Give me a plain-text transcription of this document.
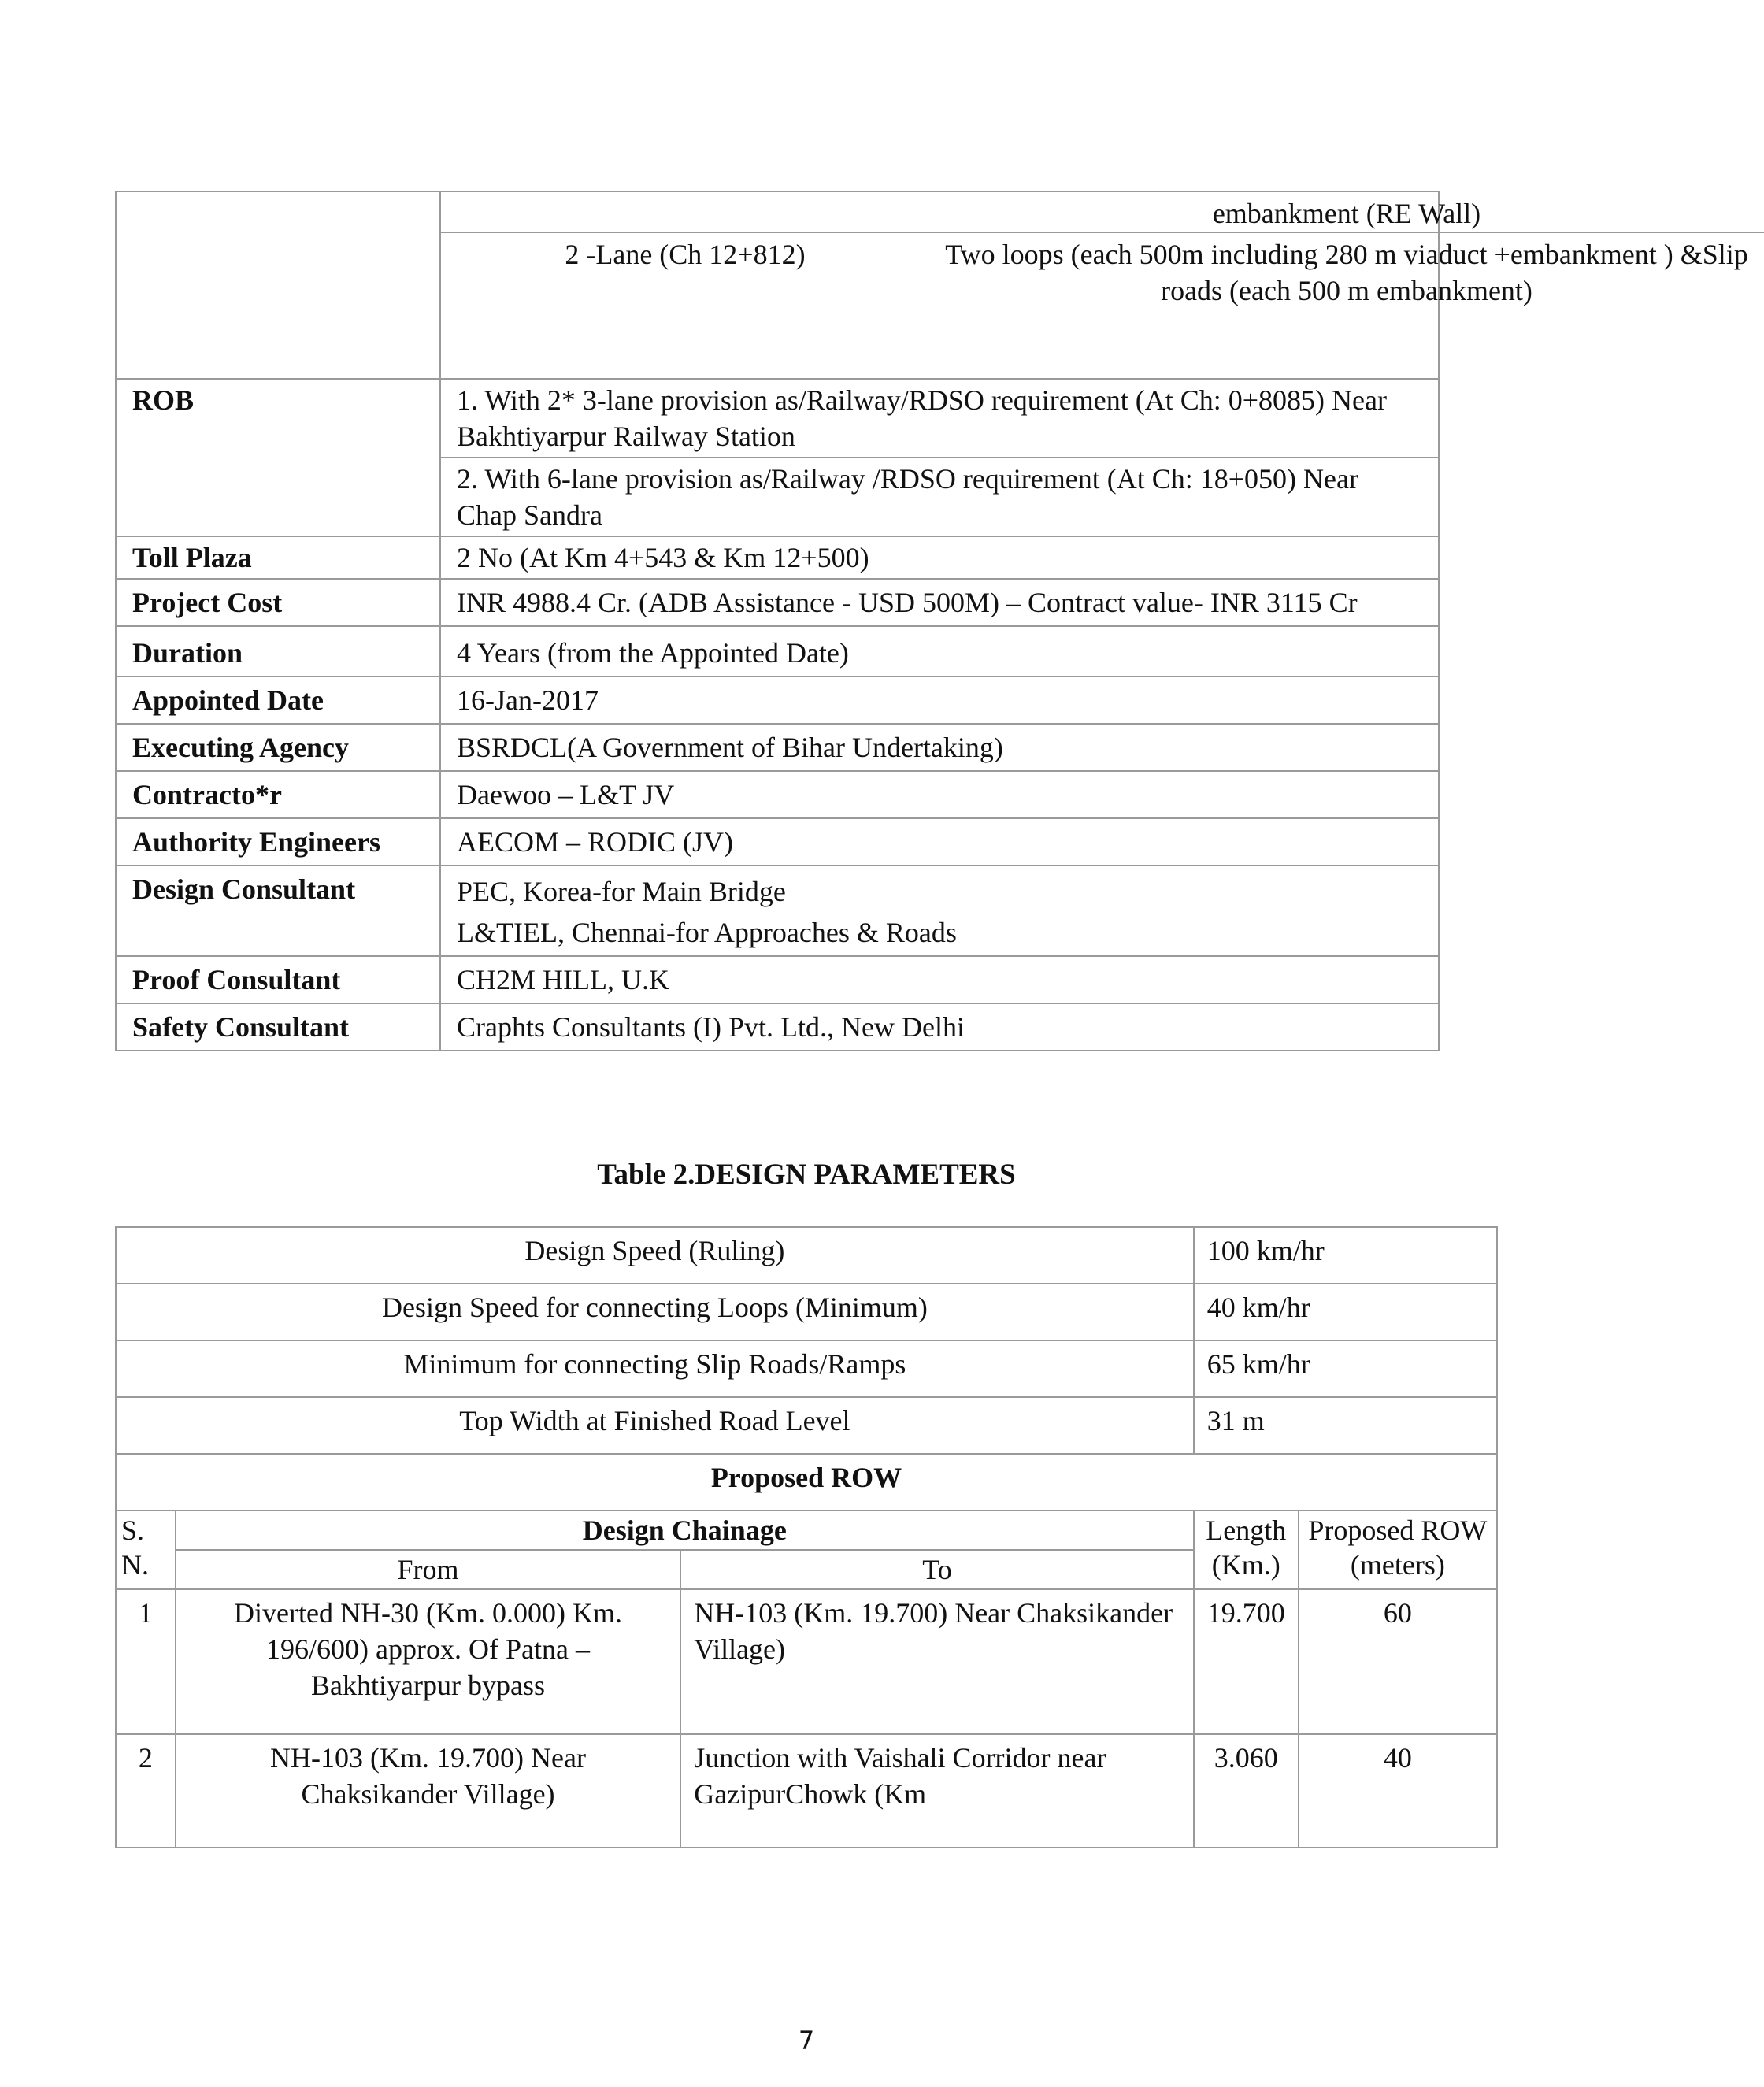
	embankment (RE Wall)
2 -Lane (Ch 12+812)	Two loops (each 500m including 280 m viaduct +embankment ) &Slip roads (each 500 m embankment)

ROB	1. With 2* 3-lane provision as/Railway/RDSO requirement (At Ch: 0+8085) Near Bakhtiyarpur Railway Station
2. With 6-lane provision as/Railway /RDSO requirement (At Ch: 18+050) Near Chap Sandra
Toll Plaza	2 No (At Km 4+543 & Km 12+500)
Project Cost	INR 4988.4 Cr. (ADB Assistance - USD 500M) – Contract value- INR 3115 Cr
Duration	4 Years (from the Appointed Date)
Appointed Date	16-Jan-2017
Executing Agency	BSRDCL(A Government of Bihar Undertaking)
Contracto*r	Daewoo – L&T JV
Authority Engineers	AECOM – RODIC (JV)
Design Consultant	PEC, Korea-for Main Bridge
L&TIEL, Chennai-for Approaches & Roads

Proof Consultant	CH2M HILL, U.K
Safety Consultant	Craphts Consultants (I) Pvt. Ltd., New Delhi
Table 2.DESIGN PARAMETERS
Design Speed (Ruling)			100 km/hr	
Design Speed for connecting Loops (Minimum)			40 km/hr	
Minimum for connecting Slip Roads/Ramps			65 km/hr	
Top Width at Finished Road Level			31 m	
Proposed ROW				
S. N.	Design Chainage		Length (Km.)	Proposed ROW (meters)
	From	To		
1	Diverted NH-30 (Km. 0.000) Km. 196/600) approx. Of Patna – Bakhtiyarpur bypass	NH-103 (Km. 19.700) Near Chaksikander Village)	19.700	60
2	NH-103 (Km. 19.700) Near Chaksikander Village)	Junction with Vaishali Corridor near GazipurChowk (Km	3.060	40
7
